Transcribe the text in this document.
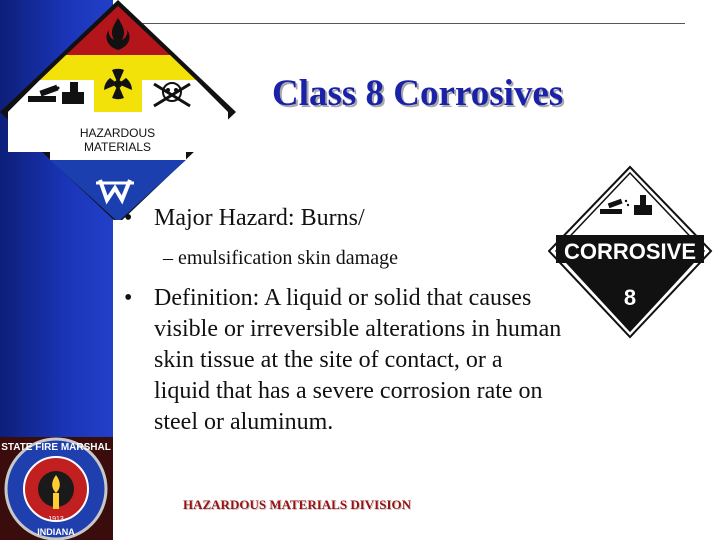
HAZARDOUS
MATERIALS
Class 8 Corrosives
• Major Hazard: Burns/
– emulsification skin damage
• Definition: A liquid or solid that causes visible or irreversible alterations in human skin tissue at the site of contact, or a liquid that has a severe corrosion rate on steel or aluminum.
HAZARDOUS MATERIALS DIVISION
CORROSIVE
8
STATE FIRE MARSHAL
INDIANA
1913
